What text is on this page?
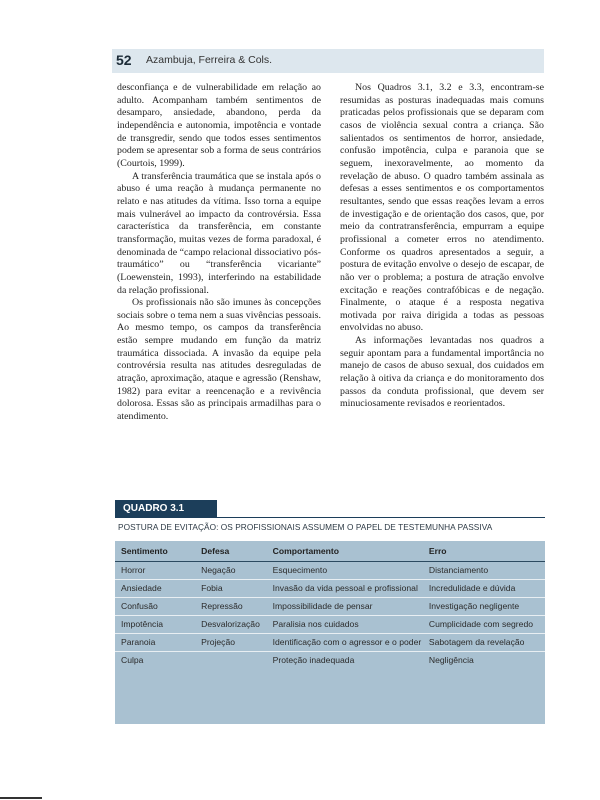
52 Azambuja, Ferreira & Cols.

desconfiança e de vulnerabilidade em relação ao adulto. Acompanham também sentimentos de desamparo, ansiedade, abandono, perda da independência e autonomia, impotência e vontade de transgredir, sendo que todos esses sentimentos podem se apresentar sob a forma de seus contrários (Courtois, 1999).

A transferência traumática que se instala após o abuso é uma reação à mudança permanente no relato e nas atitudes da vítima. Isso torna a equipe mais vulnerável ao impacto da controvérsia. Essa característica da transferência, em constante transformação, muitas vezes de forma paradoxal, é denominada de “campo relacional dissociativo pós-traumático” ou “transferência vicariante” (Loewenstein, 1993), interferindo na estabilidade da relação profissional.

Os profissionais não são imunes às concepções sociais sobre o tema nem a suas vivências pessoais. Ao mesmo tempo, os campos da transferência estão sempre mudando em função da matriz traumática dissociada. A invasão da equipe pela controvérsia resulta nas atitudes desreguladas de atração, aproximação, ataque e agressão (Renshaw, 1982) para evitar a reencenação e a revivência dolorosa. Essas são as principais armadilhas para o atendimento.

Nos Quadros 3.1, 3.2 e 3.3, encontram-se resumidas as posturas inadequadas mais comuns praticadas pelos profissionais que se deparam com casos de violência sexual contra a criança. São salientados os sentimentos de horror, ansiedade, confusão impotência, culpa e paranoia que se seguem, inexoravelmente, ao momento da revelação de abuso. O quadro também assinala as defesas a esses sentimentos e os comportamentos resultantes, sendo que essas reações levam a erros de investigação e de orientação dos casos, que, por meio da contratransferência, empurram a equipe profissional a cometer erros no atendimento. Conforme os quadros apresentados a seguir, a postura de evitação envolve o desejo de escapar, de não ver o problema; a postura de atração envolve excitação e reações contrafóbicas e de negação. Finalmente, o ataque é a resposta negativa motivada por raiva dirigida a todas as pessoas envolvidas no abuso.

As informações levantadas nos quadros a seguir apontam para a fundamental importância no manejo de casos de abuso sexual, dos cuidados em relação à oitiva da criança e do monitoramento dos passos da conduta profissional, que devem ser minuciosamente revisados e reorientados.

QUADRO 3.1
POSTURA DE EVITAÇÃO: OS PROFISSIONAIS ASSUMEM O PAPEL DE TESTEMUNHA PASSIVA
Sentimento	Defesa	Comportamento	Erro
Horror	Negação	Esquecimento	Distanciamento
Ansiedade	Fobia	Invasão da vida pessoal e profissional	Incredulidade e dúvida
Confusão	Repressão	Impossibilidade de pensar	Investigação negligente
Impotência	Desvalorização	Paralisia nos cuidados	Cumplicidade com segredo
Paranoia	Projeção	Identificação com o agressor e o poder	Sabotagem da revelação
Culpa		Proteção inadequada	Negligência
